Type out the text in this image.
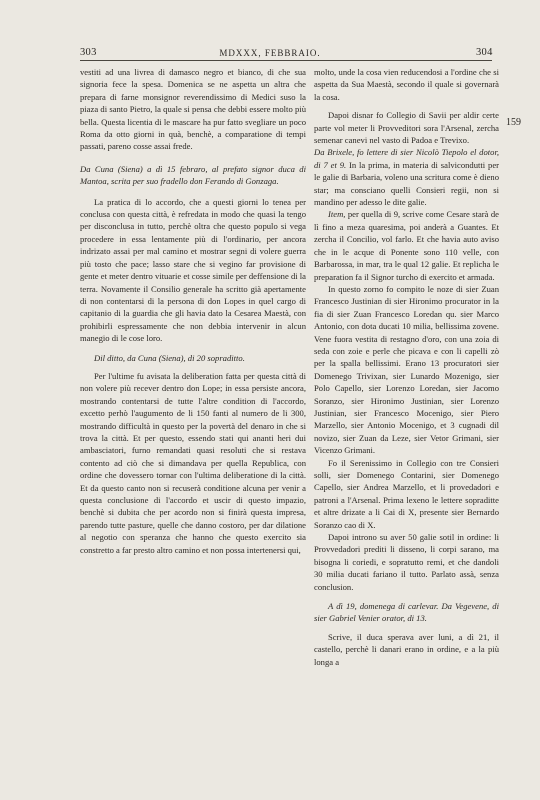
303	MDXXX, FEBBRAIO.	304
159

vestiti ad una livrea di damasco negro et bianco, di che sua signoria fece la spesa. Domenica se ne aspetta un altra che prepara di farne monsignor reverendissimo di Medici suso la piaza di santo Pietro, la quale si pensa che debbi essere molto più bella. Questa licentia di le mascare ha pur fatto svegliare un poco Roma da otto giorni in quà, benchè, a comparatione di tempi passati, pareno cosse assai frede.

Da Cuna (Siena) a dì 15 febraro, al prefato signor duca di Mantoa, scrita per suo fradello don Ferando di Gonzaga.

La pratica di lo accordo, che a questi giorni lo tenea per conclusa con questa città, è refredata in modo che quasi la tengo per disconclusa in tutto, perchè oltra che questo populo si vega procedere in essa lentamente più di l'ordinario, per ancora indrizato assai per mal camino et mostrar segni di volere guerra più tosto che pace; lasso stare che si vegino far provisione di gente et meter dentro vituarie et cosse simile per deffensione di la terra. Novamente il Consilio generale ha scritto già apertamente di non contentarsi di la persona di don Lopes in quel cargo di capitanio di la guardia che gli havia dato la Cesarea Maestà, con prohibirli espressamente che non debbia intervenir in alcun manegio di le cose loro.

Dil ditto, da Cuna (Siena), di 20 sopraditto.

Per l'ultime fu avisata la deliberation fatta per questa città di non volere più recever dentro don Lope; in essa persiste ancora, mostrando contentarsi de tutte l'altre condition di l'accordo, excetto perhò l'augumento de li 150 fanti al numero de li 300, mostrando difficultà in questo per la povertà del denaro in che si trova la città. Et per questo, essendo stati qui ananti heri dui ambasciatori, furno remandati quasi resoluti che si restava contento ad ciò che si dimandava per quella Republica, con ordine che dovessero tornar con l'ultima deliberatione di la città. Et da questo canto non si recuserà conditione alcuna per venir a questa conclusione di l'accordo et uscir di questo impazio, benchè si dubita che per acordo non si finirà questa impresa, parendo tutte pasture, quelle che danno costoro, per dar dilatione al negotio con speranza che hanno che questo exercito sia constretto a far presto altro camino et non possa intertenersi qui,

molto, unde la cosa vien reducendosi a l'ordine che si aspetta da Sua Maestà, secondo il quale si governarà la cosa.

Dapoi disnar fo Collegio di Savii per aldir certe parte vol meter li Provveditori sora l'Arsenal, zercha semenar canevi nel vasto di Padoa e Trevixo.

Da Brixele, fo lettere di sier Nicolò Tiepolo el dotor, di 7 et 9. In la prima, in materia di salvicondutti per le galie di Barbaria, voleno una scritura come è dieno star; ma consciano quelli Consieri regii, non si mandino per adesso le dite galie.

Item, per quella di 9, scrive come Cesare starà de lì fino a meza quaresima, poi anderà a Guantes. Et zercha il Concilio, vol farlo. Et che havia auto aviso che in le acque di Ponente sono 110 velle, con Barbarossa, in mar, tra le qual 12 galie. Et replicha le preparation fa il Signor turcho di exercito et armada.

In questo zorno fo compito le noze di sier Zuan Francesco Justinian di sier Hironimo procurator in la fia di sier Zuan Francesco Loredan qu. sier Marco Antonio, con dota ducati 10 milia, bellissima zovene. Vene fuora vestita di restagno d'oro, con una zoia di seda con zoie e perle che picava e con li capelli zò per la spalla bellissimi. Erano 13 procuratori sier Domenego Trivixan, sier Lunardo Mozenigo, sier Polo Capello, sier Lorenzo Loredan, sier Jacomo Soranzo, sier Hironimo Justinian, sier Lorenzo Justinian, sier Francesco Mocenigo, sier Piero Marzello, sier Antonio Mocenigo, et 3 cugnadi dil novizo, sier Zuan da Leze, sier Vetor Grimani, sier Vicenzo Grimani.

Fo il Serenissimo in Collegio con tre Consieri solli, sier Domenego Contarini, sier Domenego Capello, sier Andrea Marzello, et li provedadori e patroni a l'Arsenal. Prima lexeno le lettere sopraditte et altre drizate a li Cai di X, presente sier Bernardo Soranzo cao di X.

Dapoi introno su aver 50 galie sotil in ordine: li Provvedadori prediti li disseno, li corpi sarano, ma bisogna li coriedi, e sopratutto remi, et che dandoli 30 milia ducati fariano il tutto. Parlato assà, senza conclusion.

A dì 19, domenega di carlevar. Da Vegevene, di sier Gabriel Venier orator, di 13.

Scrive, il duca sperava aver luni, a dì 21, il castello, perchè li danari erano in ordine, e a la più longa a
